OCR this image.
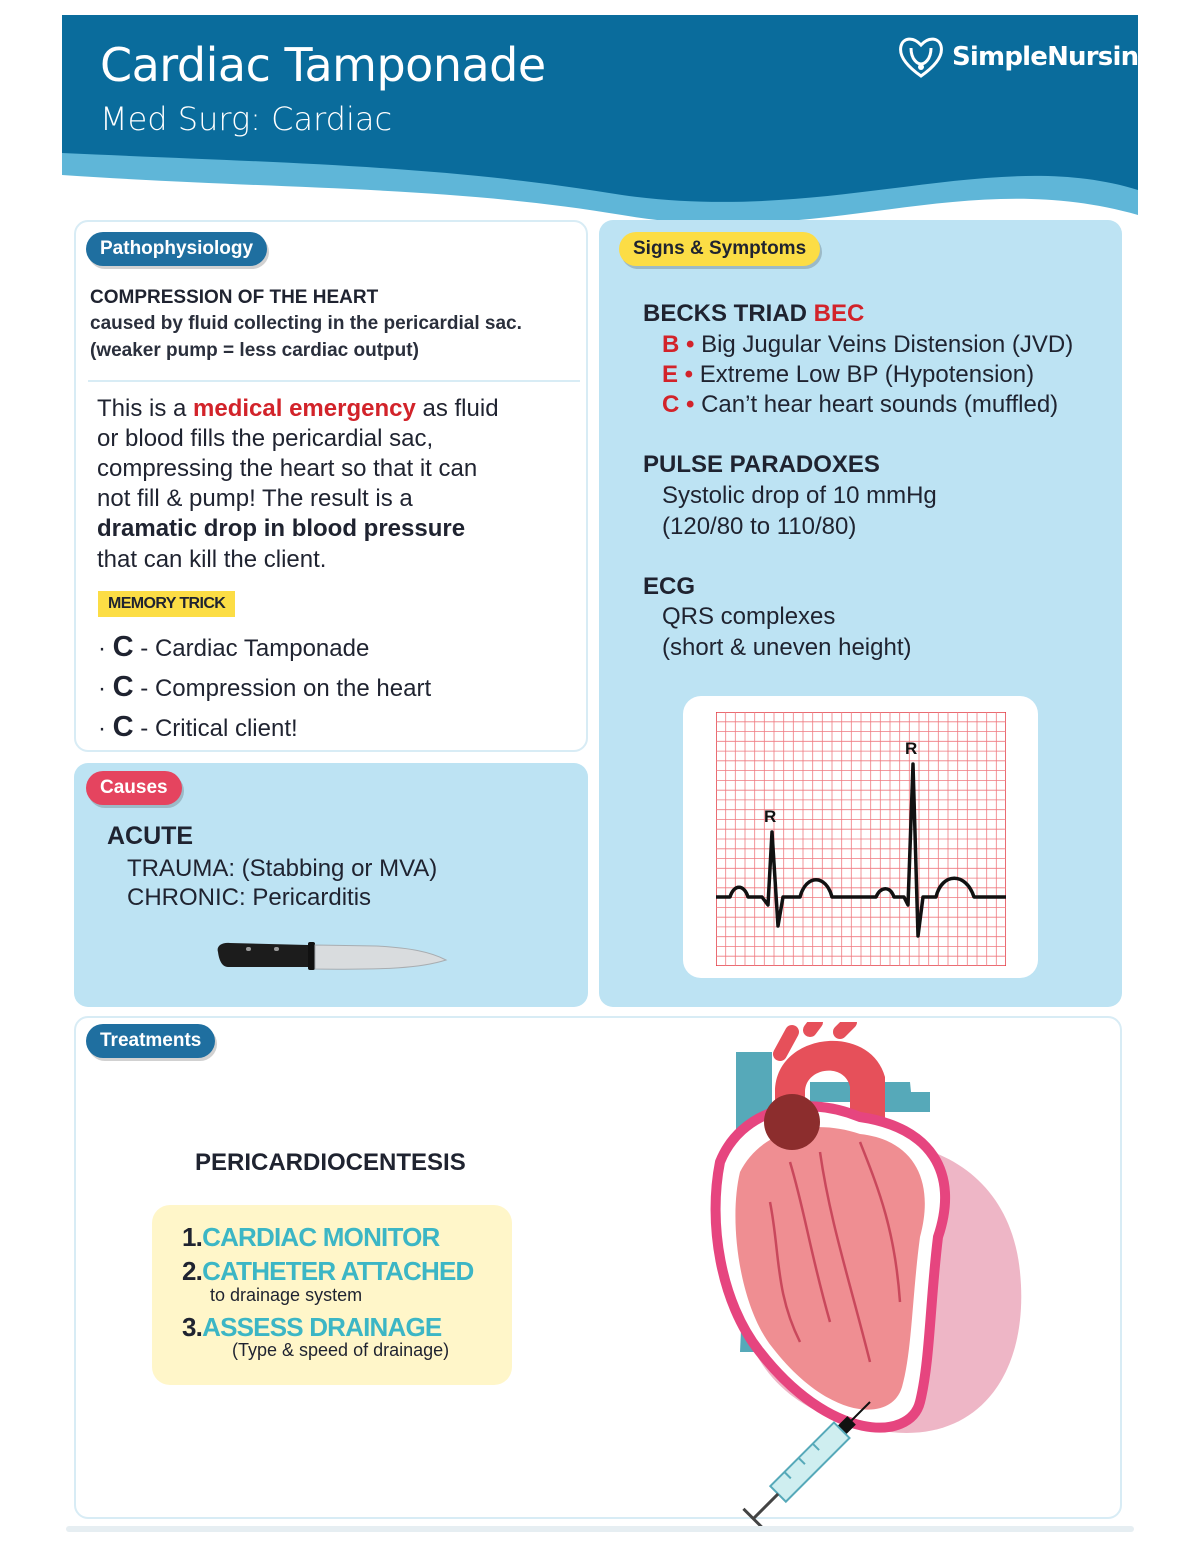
Cardiac Tamponade
Med Surg: Cardiac
SimpleNursing
Pathophysiology
COMPRESSION OF THE HEART
caused by fluid collecting in the pericardial sac.
(weaker pump = less cardiac output)
This is a medical emergency as fluid
or blood fills the pericardial sac,
compressing the heart so that it can
not fill & pump! The result is a
dramatic drop in blood pressure
that can kill the client.
MEMORY TRICK
· C - Cardiac Tamponade
· C - Compression on the heart
· C - Critical client!
Causes
ACUTE
TRAUMA: (Stabbing or MVA)
CHRONIC: Pericarditis
Signs & Symptoms
BECKS TRIAD BEC
B • Big Jugular Veins Distension (JVD)
E • Extreme Low BP (Hypotension)
C • Can’t hear heart sounds (muffled)
PULSE PARADOXES
Systolic drop of 10 mmHg
(120/80 to 110/80)
ECG
QRS complexes
(short & uneven height)
R
R
Treatments
PERICARDIOCENTESIS
1.CARDIAC MONITOR
2.CATHETER ATTACHED
to drainage system
3.ASSESS DRAINAGE
(Type & speed of drainage)
